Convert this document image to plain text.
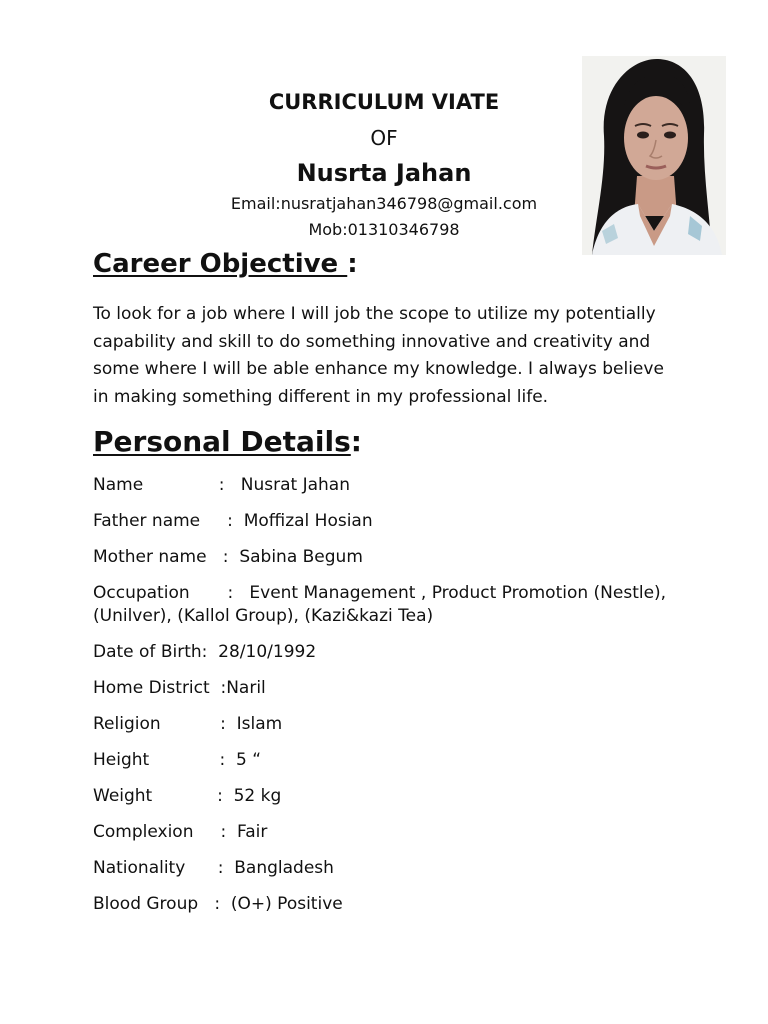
CURRICULUM VIATE
OF
Nusrta Jahan
Email:nusratjahan346798@gmail.com
Mob:01310346798
Career Objective :
To look for a job where I will job the scope to utilize my potentially capability and skill to do something innovative and creativity and some where I will be able enhance my knowledge. I always believe in making something different in my professional life.
Personal Details:
Name              :   Nusrat Jahan
Father name     :  Moffizal Hosian
Mother name   :  Sabina Begum
Occupation       :   Event Management , Product Promotion (Nestle),
(Unilver), (Kallol Group), (Kazi&kazi Tea)
Date of Birth:  28/10/1992
Home District  :Naril
Religion           :  Islam
Height             :  5 “
Weight            :  52 kg
Complexion     :  Fair
Nationality      :  Bangladesh
Blood Group   :  (O+) Positive
